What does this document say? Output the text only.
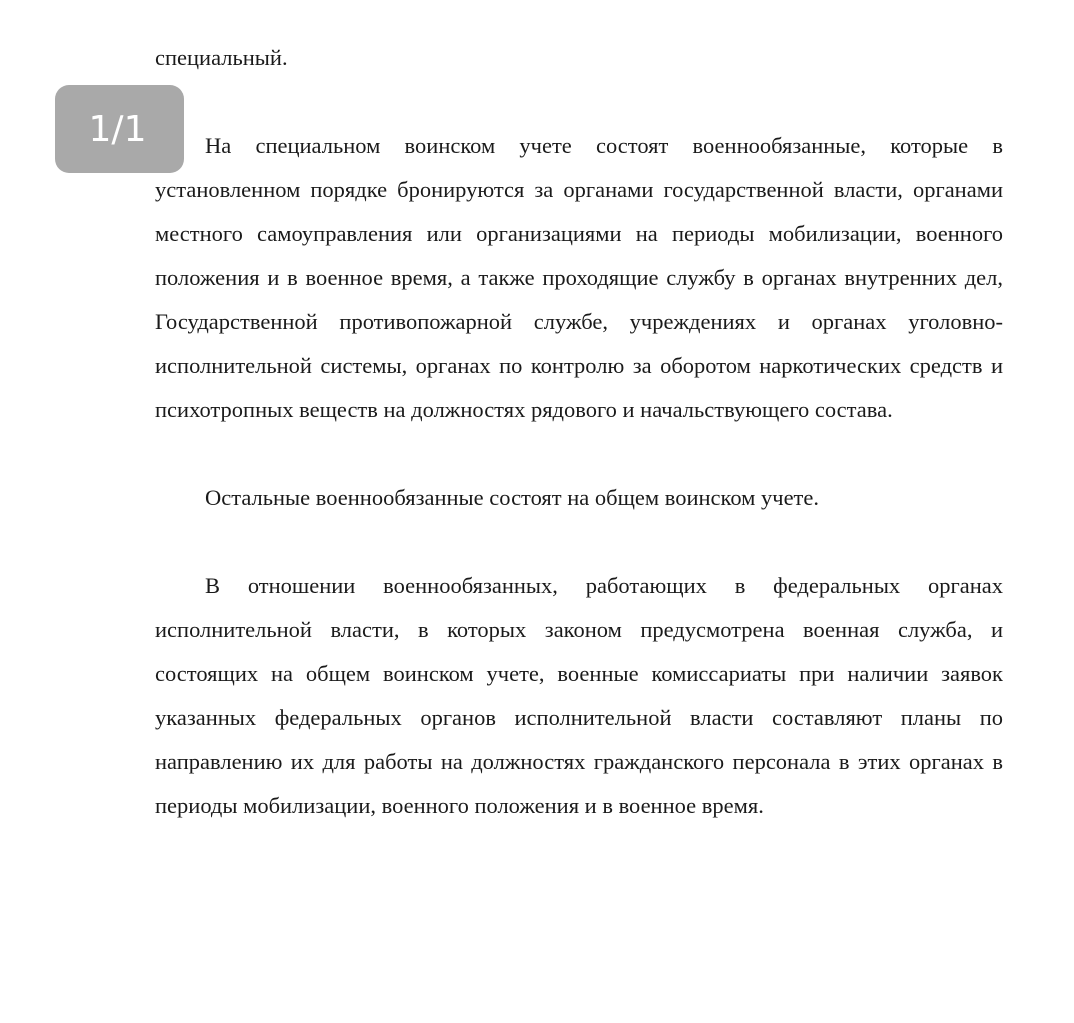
специальный.

На специальном воинском учете состоят военнообязанные, которые в установленном порядке бронируются за органами государственной власти, органами местного самоуправления или организациями на периоды мобилизации, военного положения и в военное время, а также проходящие службу в органах внутренних дел, Государственной противопожарной службе, учреждениях и органах уголовно-исполнительной системы, органах по контролю за оборотом наркотических средств и психотропных веществ на должностях рядового и начальствующего состава.

Остальные военнообязанные состоят на общем воинском учете.

В отношении военнообязанных, работающих в федеральных органах исполнительной власти, в которых законом предусмотрена военная служба, и состоящих на общем воинском учете, военные комиссариаты при наличии заявок указанных федеральных органов исполнительной власти составляют планы по направлению их для работы на должностях гражданского персонала в этих органах в периоды мобилизации, военного положения и в военное время.

1/1
